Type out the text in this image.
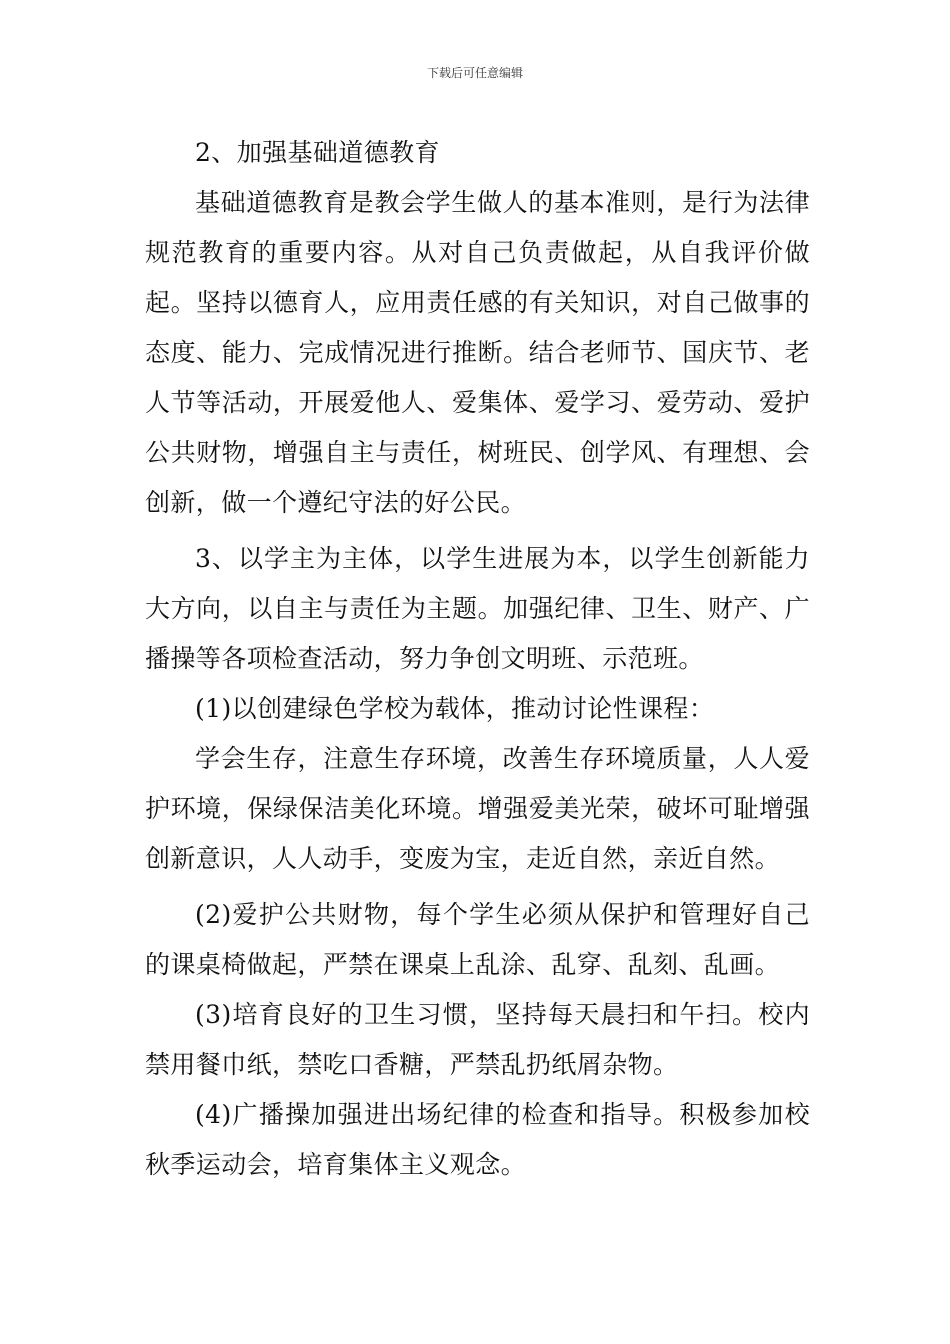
下载后可任意编辑

2、加强基础道德教育

基础道德教育是教会学生做人的基本准则，是行为法律规范教育的重要内容。从对自己负责做起，从自我评价做起。坚持以德育人，应用责任感的有关知识，对自己做事的态度、能力、完成情况进行推断。结合老师节、国庆节、老人节等活动，开展爱他人、爱集体、爱学习、爱劳动、爱护公共财物，增强自主与责任，树班民、创学风、有理想、会创新，做一个遵纪守法的好公民。

3、以学主为主体，以学生进展为本，以学生创新能力大方向，以自主与责任为主题。加强纪律、卫生、财产、广播操等各项检查活动，努力争创文明班、示范班。

(1)以创建绿色学校为载体，推动讨论性课程：

学会生存，注意生存环境，改善生存环境质量，人人爱护环境，保绿保洁美化环境。增强爱美光荣，破坏可耻增强创新意识，人人动手，变废为宝，走近自然，亲近自然。

(2)爱护公共财物，每个学生必须从保护和管理好自己的课桌椅做起，严禁在课桌上乱涂、乱穿、乱刻、乱画。

(3)培育良好的卫生习惯，坚持每天晨扫和午扫。校内禁用餐巾纸，禁吃口香糖，严禁乱扔纸屑杂物。

(4)广播操加强进出场纪律的检查和指导。积极参加校秋季运动会，培育集体主义观念。
